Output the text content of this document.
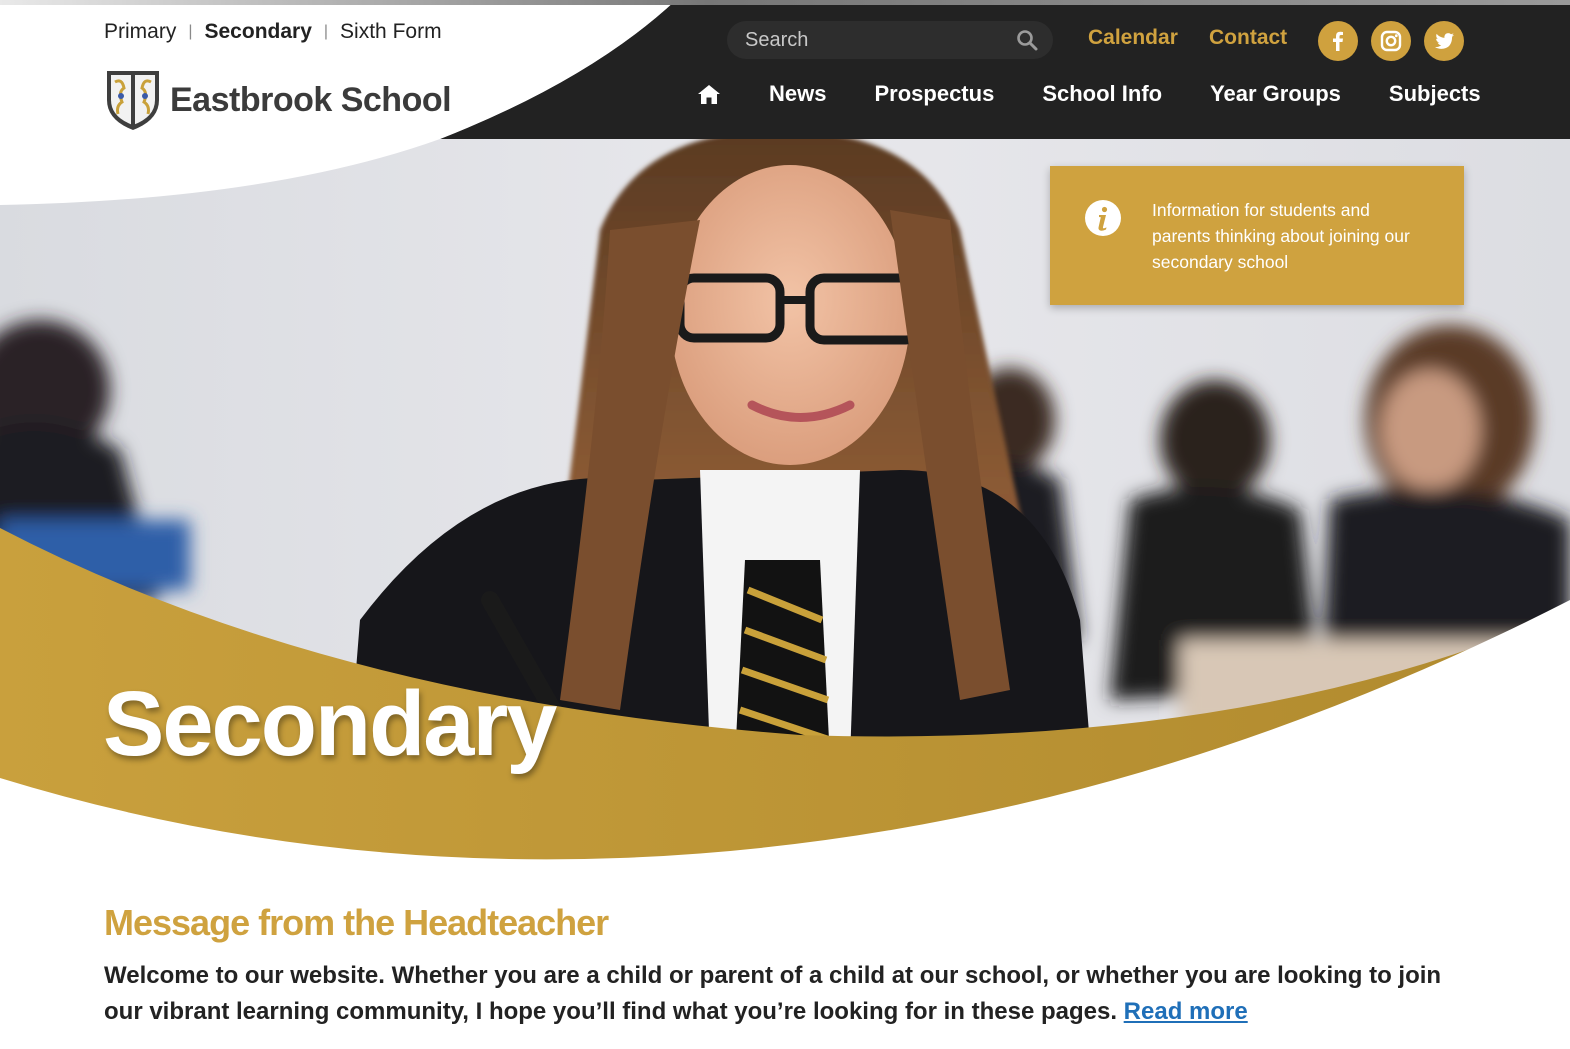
Primary | Secondary | Sixth Form
Eastbrook School
Search
Calendar Contact
News Prospectus School Info Year Groups Subjects

Information for students and parents thinking about joining our secondary school

Secondary
Message from the Headteacher

Welcome to our website. Whether you are a child or parent of a child at our school, or whether you are looking to join our vibrant learning community, I hope you’ll find what you’re looking for in these pages. Read more
